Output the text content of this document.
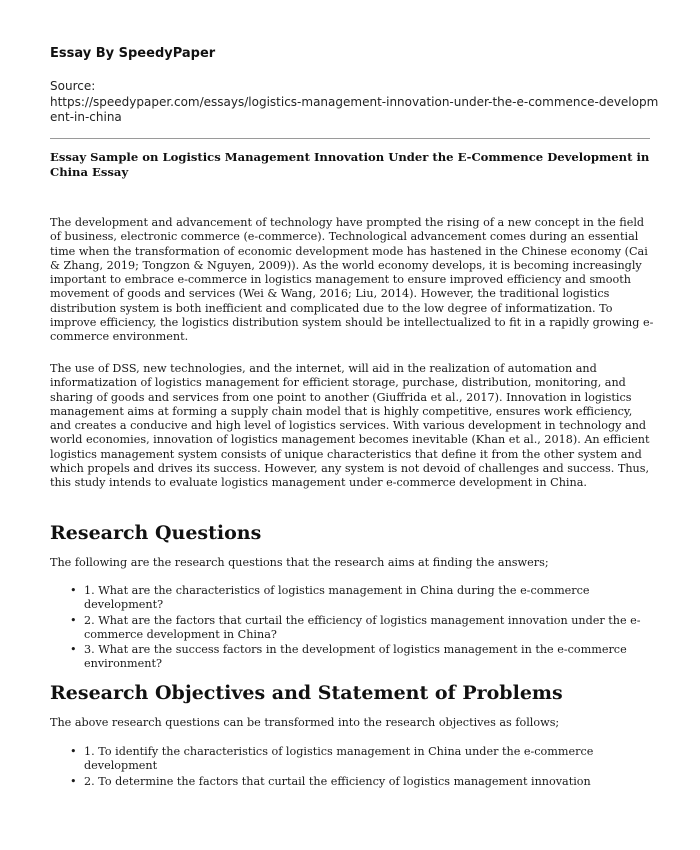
Essay By SpeedyPaper
Source:
https://speedypaper.com/essays/logistics-management-innovation-under-the-e-commence-development-in-china
Essay Sample on Logistics Management Innovation Under the E-Commence Development in China Essay

The development and advancement of technology have prompted the rising of a new concept in the field of business, electronic commerce (e-commerce). Technological advancement comes during an essential time when the transformation of economic development mode has hastened in the Chinese economy (Cai & Zhang, 2019; Tongzon & Nguyen, 2009)). As the world economy develops, it is becoming increasingly important to embrace e-commerce in logistics management to ensure improved efficiency and smooth movement of goods and services (Wei & Wang, 2016; Liu, 2014). However, the traditional logistics distribution system is both inefficient and complicated due to the low degree of informatization. To improve efficiency, the logistics distribution system should be intellectualized to fit in a rapidly growing e-commerce environment.

The use of DSS, new technologies, and the internet, will aid in the realization of automation and informatization of logistics management for efficient storage, purchase, distribution, monitoring, and sharing of goods and services from one point to another (Giuffrida et al., 2017). Innovation in logistics management aims at forming a supply chain model that is highly competitive, ensures work efficiency, and creates a conducive and high level of logistics services. With various development in technology and world economies, innovation of logistics management becomes inevitable (Khan et al., 2018). An efficient logistics management system consists of unique characteristics that define it from the other system and which propels and drives its success. However, any system is not devoid of challenges and success. Thus, this study intends to evaluate logistics management under e-commerce development in China.

Research Questions

The following are the research questions that the research aims at finding the answers;

• 1. What are the characteristics of logistics management in China during the e-commerce development?
• 2. What are the factors that curtail the efficiency of logistics management innovation under the e-commerce development in China?
• 3. What are the success factors in the development of logistics management in the e-commerce environment?
Research Objectives and Statement of Problems

The above research questions can be transformed into the research objectives as follows;

• 1. To identify the characteristics of logistics management in China under the e-commerce development
• 2. To determine the factors that curtail the efficiency of logistics management innovation
